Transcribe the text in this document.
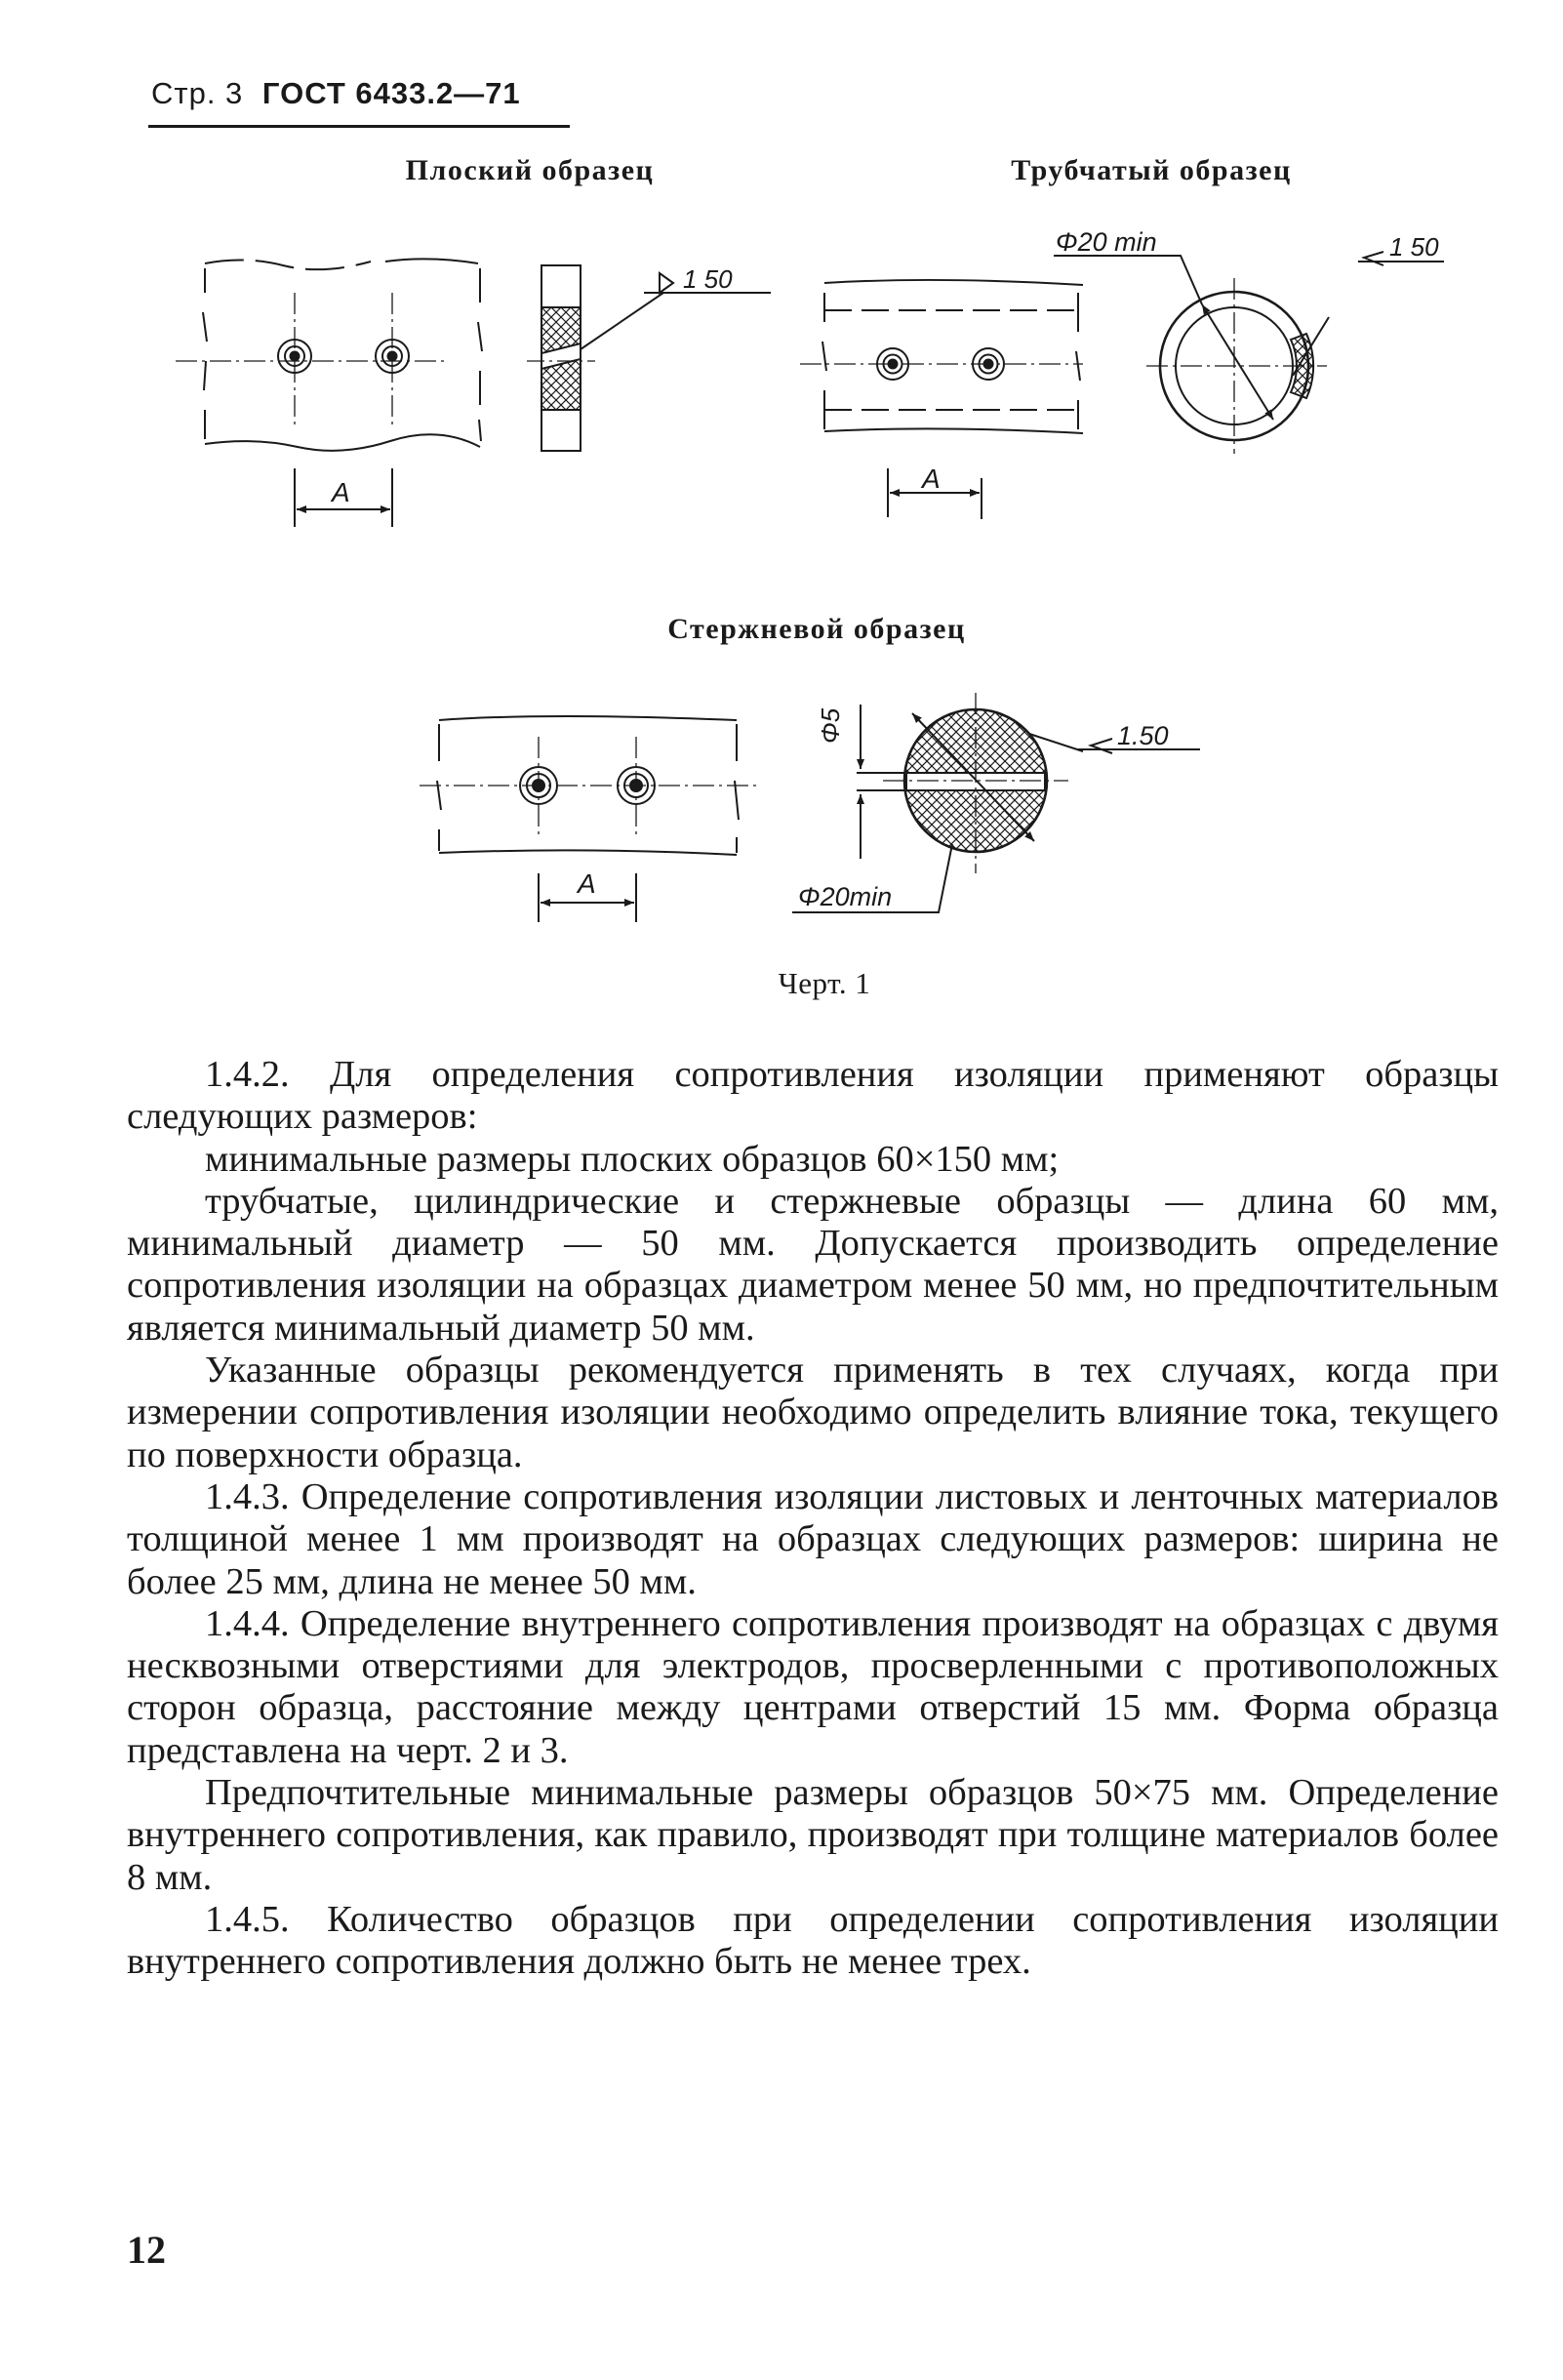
Стр. 3 ГОСТ 6433.2—71
Плоский образец	Трубчатый образец
Стержневой образец
A
1 50
A
Φ20 min	1 50
A
Φ5	1.50
Φ20min
Черт. 1

1.4.2. Для определения сопротивления изоляции применяют образцы следующих размеров:

минимальные размеры плоских образцов 60×150 мм;

трубчатые, цилиндрические и стержневые образцы — длина 60 мм, минимальный диаметр — 50 мм. Допускается производить определение сопротивления изоляции на образцах диаметром менее 50 мм, но предпочтительным является минимальный диаметр 50 мм.

Указанные образцы рекомендуется применять в тех случаях, когда при измерении сопротивления изоляции необходимо определить влияние тока, текущего по поверхности образца.

1.4.3. Определение сопротивления изоляции листовых и ленточных материалов толщиной менее 1 мм производят на образцах следующих размеров: ширина не более 25 мм, длина не менее 50 мм.

1.4.4. Определение внутреннего сопротивления производят на образцах с двумя несквозными отверстиями для электродов, просверленными с противоположных сторон образца, расстояние между центрами отверстий 15 мм. Форма образца представлена на черт. 2 и 3.

Предпочтительные минимальные размеры образцов 50×75 мм. Определение внутреннего сопротивления, как правило, производят при толщине материалов более 8 мм.

1.4.5. Количество образцов при определении сопротивления изоляции внутреннего сопротивления должно быть не менее трех.

12
